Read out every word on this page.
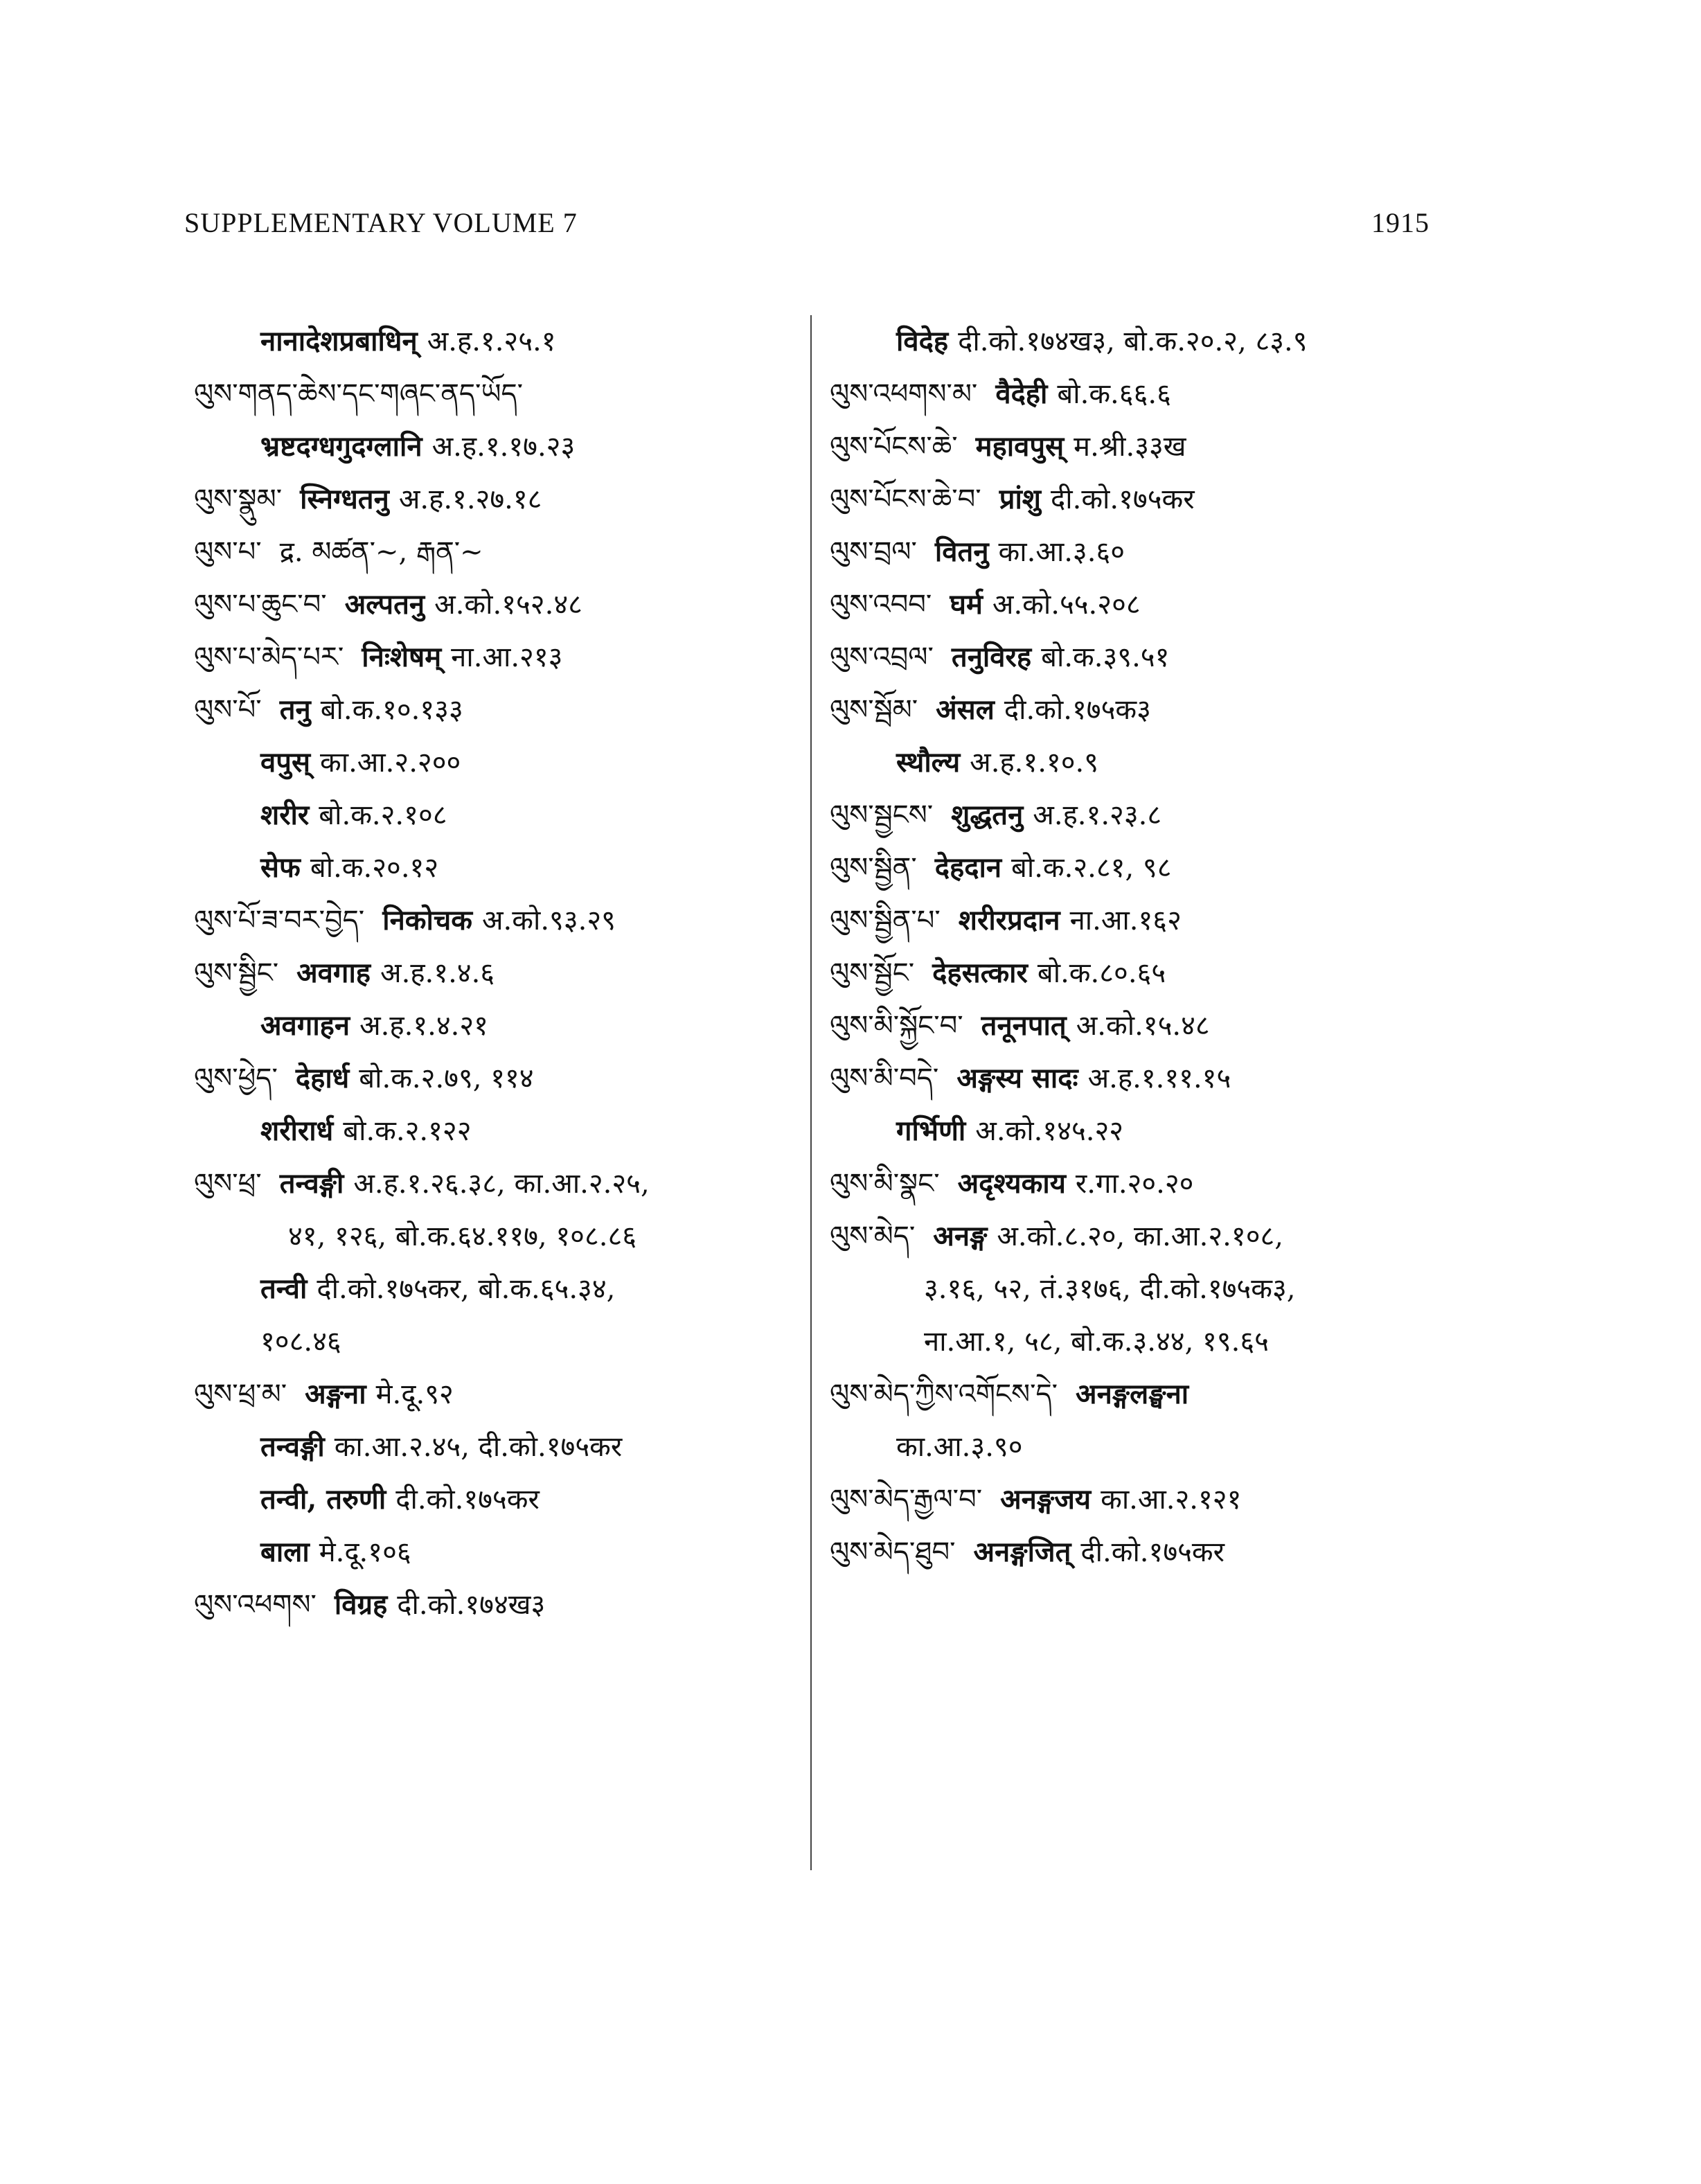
SUPPLEMENTARY VOLUME 7	1915
नानादेशप्रबाधिन् अ.ह.१.२५.१
ལུས་གནད་ཆེས་དང་གཞང་ནད་ཡོད་
भ्रष्टदग्धगुदग्लानि अ.ह.१.१७.२३
ལུས་སྣུམ་ स्निग्धतनु अ.ह.१.२७.१८
ལུས་པ་ द्र. མཚན་~, རྒན་~
ལུས་པ་ཆུང་བ་ अल्पतनु अ.को.१५२.४८
ལུས་པ་མེད་པར་ निःशेषम् ना.आ.२१३
ལུས་པོ་ तनु बो.क.१०.१३३
वपुस् का.आ.२.२००
शरीर बो.क.२.१०८
सेफ बो.क.२०.१२
ལུས་པོ་ཟ་བར་བྱེད་ निकोचक अ.को.९३.२९
ལུས་སྦྱིང་ अवगाह अ.ह.१.४.६
अवगाहन अ.ह.१.४.२१
ལུས་ཕྱེད་ देहार्ध बो.क.२.७९, ११४
शरीरार्ध बो.क.२.१२२
ལུས་ཕྲ་ तन्वङ्गी अ.ह.१.२६.३८, का.आ.२.२५,
४१, १२६, बो.क.६४.११७, १०८.८६
तन्वी दी.को.१७५कर, बो.क.६५.३४,
१०८.४६
ལུས་ཕྲ་མ་ अङ्गना मे.दू.९२
तन्वङ्गी का.आ.२.४५, दी.को.१७५कर
तन्वी, तरुणी दी.को.१७५कर
बाला मे.दू.१०६
ལུས་འཕགས་ विग्रह दी.को.१७४ख३
विदेह दी.को.१७४ख३, बो.क.२०.२, ८३.९
ལུས་འཕགས་མ་ वैदेही बो.क.६६.६
ལུས་པོངས་ཆེ་ महावपुस् म.श्री.३३ख
ལུས་པོངས་ཆེ་བ་ प्रांशु दी.को.१७५कर
ལུས་བྲལ་ वितनु का.आ.३.६०
ལུས་འབབ་ घर्म अ.को.५५.२०८
ལུས་འབྲལ་ तनुविरह बो.क.३९.५१
ལུས་སྦོམ་ अंसल दी.को.१७५क३
स्थौल्य अ.ह.१.१०.९
ལུས་སྦྱངས་ शुद्धतनु अ.ह.१.२३.८
ལུས་སྦྱིན་ देहदान बो.क.२.८१, ९८
ལུས་སྦྱིན་པ་ शरीरप्रदान ना.आ.१६२
ལུས་སྦྱོང་ देहसत्कार बो.क.८०.६५
ལུས་མི་སྐྱོང་བ་ तनूनपात् अ.को.१५.४८
ལུས་མི་བདེ་ अङ्गस्य सादः अ.ह.१.११.१५
गर्भिणी अ.को.१४५.२२
ལུས་མི་སྣང་ अदृश्यकाय र.गा.२०.२०
ལུས་མེད་ अनङ्ग अ.को.८.२०, का.आ.२.१०८,
३.१६, ५२, तं.३१७६, दी.को.१७५क३,
ना.आ.१, ५८, बो.क.३.४४, १९.६५
ལུས་མེད་ཀྱིས་འགོངས་དེ་ अनङ्गलङ्घना
का.आ.३.९०
ལུས་མེད་རྒྱལ་བ་ अनङ्गजय का.आ.२.१२१
ལུས་མེད་ཐུབ་ अनङ्गजित् दी.को.१७५कर
